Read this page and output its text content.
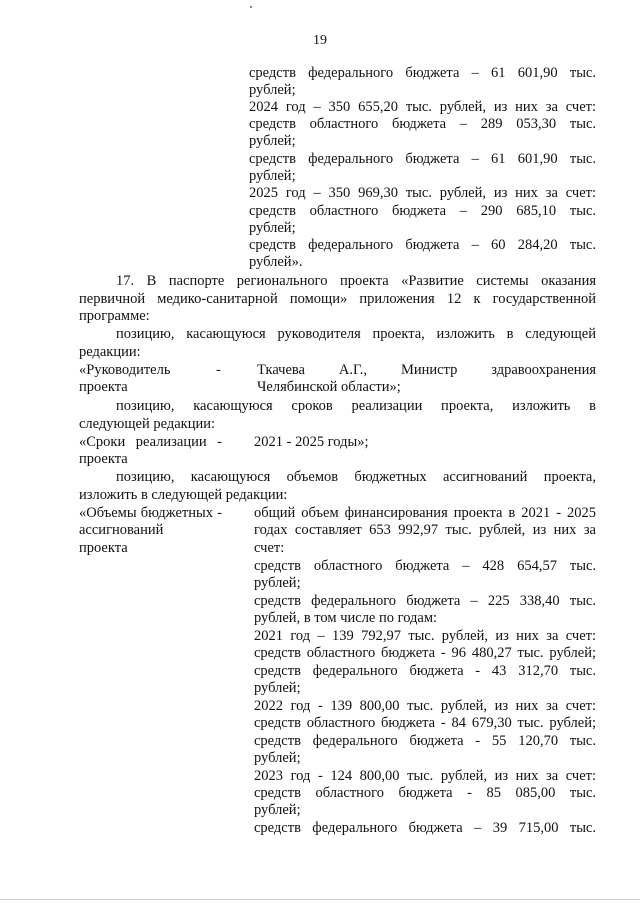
19
средств федерального бюджета – 61 601,90 тыс.
рублей;
2024 год – 350 655,20 тыс. рублей, из них за счет:
средств областного бюджета – 289 053,30 тыс.
рублей;
средств федерального бюджета – 61 601,90 тыс.
рублей;
2025 год – 350 969,30 тыс. рублей, из них за счет:
средств областного бюджета – 290 685,10 тыс.
рублей;
средств федерального бюджета – 60 284,20 тыс.
рублей».
17. В паспорте регионального проекта «Развитие системы оказания
первичной медико-санитарной помощи» приложения 12 к государственной
программе:
позицию, касающуюся руководителя проекта, изложить в следующей
редакции:
«Руководитель	-
проекта
Ткачева А.Г., Министр здравоохранения
Челябинской области»;
позицию, касающуюся сроков реализации проекта, изложить в
следующей редакции:
«Сроки реализации -
проекта
2021 - 2025 годы»;
позицию, касающуюся объемов бюджетных ассигнований проекта,
изложить в следующей редакции:
«Объемы бюджетных -
ассигнований
проекта
общий объем финансирования проекта в 2021 - 2025
годах составляет 653 992,97 тыс. рублей, из них за
счет:
средств областного бюджета – 428 654,57 тыс.
рублей;
средств федерального бюджета – 225 338,40 тыс.
рублей, в том числе по годам:
2021 год – 139 792,97 тыс. рублей, из них за счет:
средств областного бюджета - 96 480,27 тыс. рублей;
средств федерального бюджета - 43 312,70 тыс.
рублей;
2022 год - 139 800,00 тыс. рублей, из них за счет:
средств областного бюджета - 84 679,30 тыс. рублей;
средств федерального бюджета - 55 120,70 тыс.
рублей;
2023 год - 124 800,00 тыс. рублей, из них за счет:
средств областного бюджета - 85 085,00 тыс.
рублей;
средств федерального бюджета – 39 715,00 тыс.
